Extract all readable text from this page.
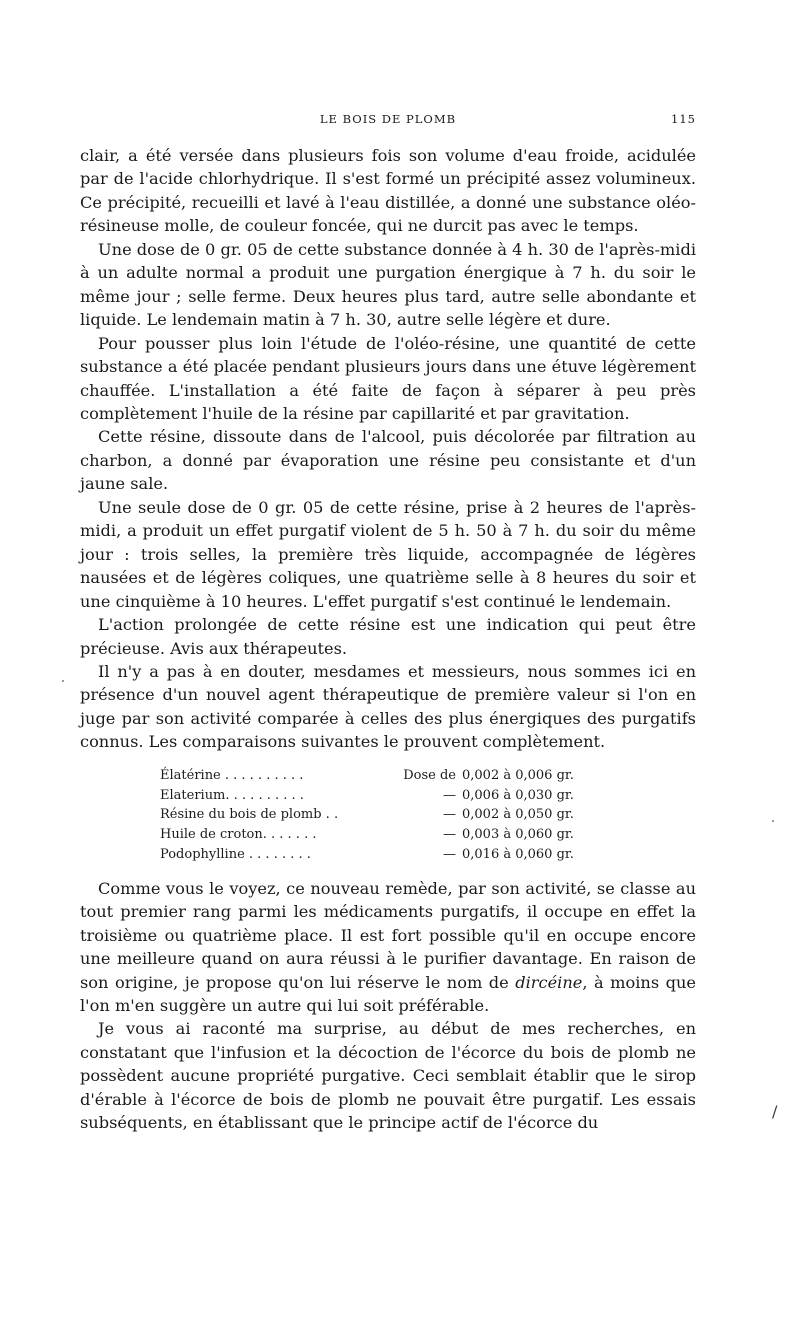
LE BOIS DE PLOMB	115

clair, a été versée dans plusieurs fois son volume d'eau froide, acidulée par de l'acide chlorhydrique. Il s'est formé un précipité assez volumineux. Ce précipité, recueilli et lavé à l'eau distillée, a donné une substance oléo-résineuse molle, de couleur foncée, qui ne durcit pas avec le temps.

Une dose de 0 gr. 05 de cette substance donnée à 4 h. 30 de l'après-midi à un adulte normal a produit une purgation énergique à 7 h. du soir le même jour ; selle ferme. Deux heures plus tard, autre selle abondante et liquide. Le lendemain matin à 7 h. 30, autre selle légère et dure.

Pour pousser plus loin l'étude de l'oléo-résine, une quantité de cette substance a été placée pendant plusieurs jours dans une étuve légèrement chauffée. L'installation a été faite de façon à séparer à peu près complètement l'huile de la résine par capillarité et par gravitation.

Cette résine, dissoute dans de l'alcool, puis décolorée par filtration au charbon, a donné par évaporation une résine peu consistante et d'un jaune sale.

Une seule dose de 0 gr. 05 de cette résine, prise à 2 heures de l'après-midi, a produit un effet purgatif violent de 5 h. 50 à 7 h. du soir du même jour : trois selles, la première très liquide, accompagnée de légères nausées et de légères coliques, une quatrième selle à 8 heures du soir et une cinquième à 10 heures. L'effet purgatif s'est continué le lendemain.

L'action prolongée de cette résine est une indication qui peut être précieuse. Avis aux thérapeutes.

Il n'y a pas à en douter, mesdames et messieurs, nous sommes ici en présence d'un nouvel agent thérapeutique de première valeur si l'on en juge par son activité comparée à celles des plus énergiques des purgatifs connus. Les comparaisons suivantes le prouvent complètement.

Élatérine . . . . . . . . . .	Dose de	0,002 à 0,006 gr.
Elaterium. . . . . . . . . .	—	0,006 à 0,030 gr.
Résine du bois de plomb . .	—	0,002 à 0,050 gr.
Huile de croton. . . . . . .	—	0,003 à 0,060 gr.
Podophylline . . . . . . . .	—	0,016 à 0,060 gr.

Comme vous le voyez, ce nouveau remède, par son activité, se classe au tout premier rang parmi les médicaments purgatifs, il occupe en effet la troisième ou quatrième place. Il est fort possible qu'il en occupe encore une meilleure quand on aura réussi à le purifier davantage. En raison de son origine, je propose qu'on lui réserve le nom de dircéine, à moins que l'on m'en suggère un autre qui lui soit préférable.

Je vous ai raconté ma surprise, au début de mes recherches, en constatant que l'infusion et la décoction de l'écorce du bois de plomb ne possèdent aucune propriété purgative. Ceci semblait établir que le sirop d'érable à l'écorce de bois de plomb ne pouvait être purgatif. Les essais subséquents, en établissant que le principe actif de l'écorce du

/
